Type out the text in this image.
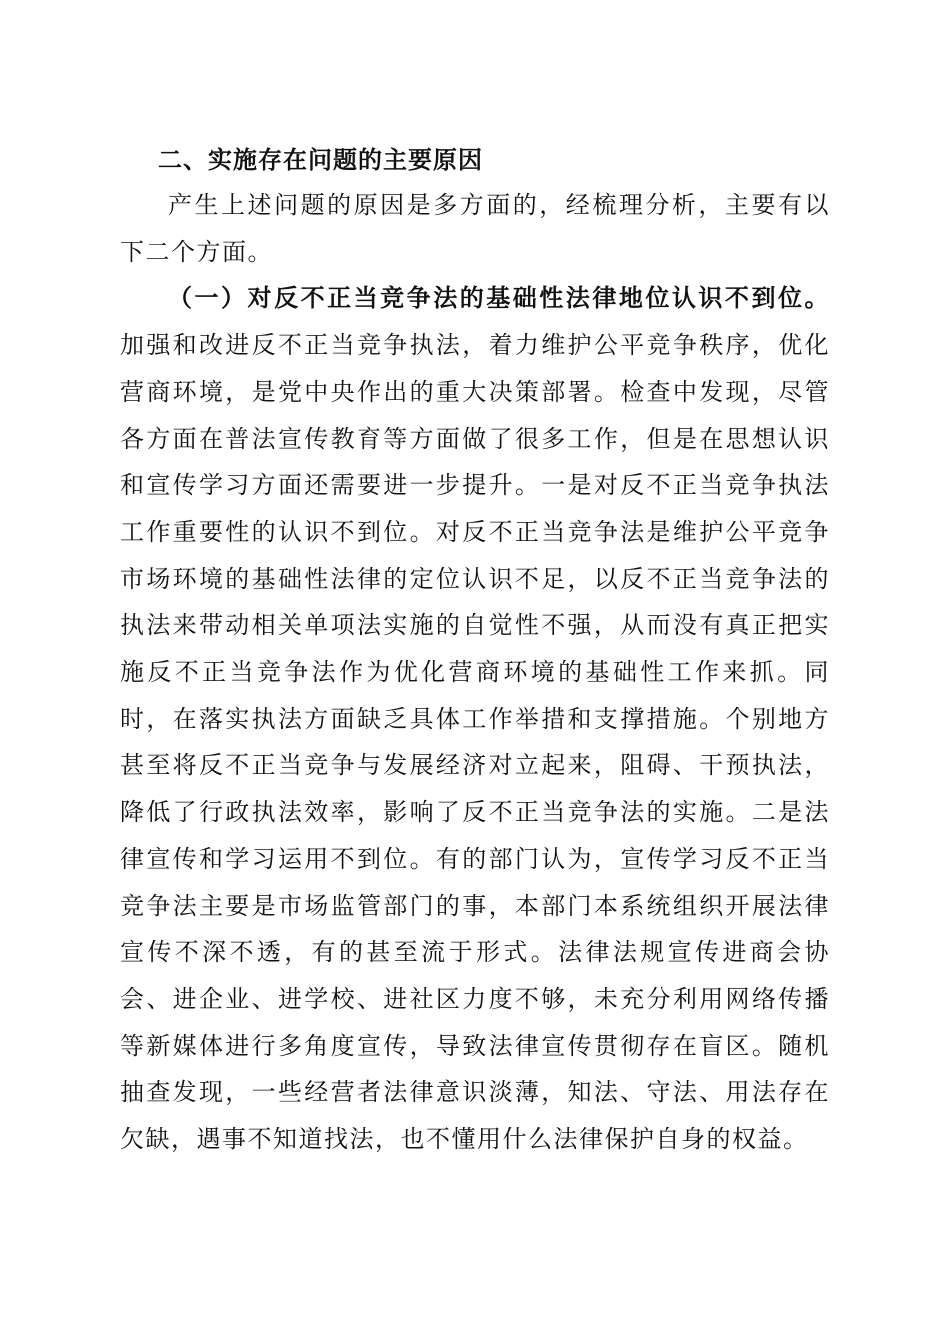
二、实施存在问题的主要原因

产生上述问题的原因是多方面的，经梳理分析，主要有以下二个方面。

（一）对反不正当竞争法的基础性法律地位认识不到位。加强和改进反不正当竞争执法，着力维护公平竞争秩序，优化营商环境，是党中央作出的重大决策部署。检查中发现，尽管各方面在普法宣传教育等方面做了很多工作，但是在思想认识和宣传学习方面还需要进一步提升。一是对反不正当竞争执法工作重要性的认识不到位。对反不正当竞争法是维护公平竞争市场环境的基础性法律的定位认识不足，以反不正当竞争法的执法来带动相关单项法实施的自觉性不强，从而没有真正把实施反不正当竞争法作为优化营商环境的基础性工作来抓。同时，在落实执法方面缺乏具体工作举措和支撑措施。个别地方甚至将反不正当竞争与发展经济对立起来，阻碍、干预执法，降低了行政执法效率，影响了反不正当竞争法的实施。二是法律宣传和学习运用不到位。有的部门认为，宣传学习反不正当竞争法主要是市场监管部门的事，本部门本系统组织开展法律宣传不深不透，有的甚至流于形式。法律法规宣传进商会协会、进企业、进学校、进社区力度不够，未充分利用网络传播等新媒体进行多角度宣传，导致法律宣传贯彻存在盲区。随机抽查发现，一些经营者法律意识淡薄，知法、守法、用法存在欠缺，遇事不知道找法，也不懂用什么法律保护自身的权益。
